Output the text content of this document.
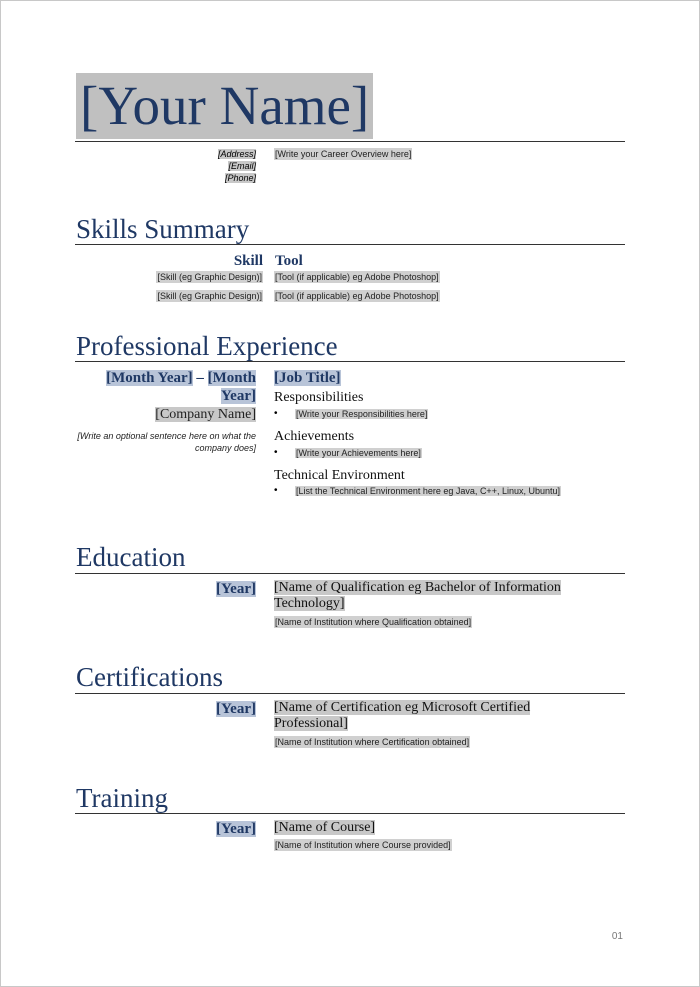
[Your Name]
[Address]
[Email]
[Phone]
[Write your Career Overview here]
Skills Summary
Skill Tool
[Skill (eg Graphic Design)] [Tool (if applicable) eg Adobe Photoshop]
[Skill (eg Graphic Design)] [Tool (if applicable) eg Adobe Photoshop]
Professional Experience
[Month Year] – [Month
Year]
[Company Name]
[Write an optional sentence here on what the company does]
[Job Title]
Responsibilities
• [Write your Responsibilities here]
Achievements
• [Write your Achievements here]
Technical Environment
• [List the Technical Environment here eg Java, C++, Linux, Ubuntu]
Education
[Year] [Name of Qualification eg Bachelor of Information Technology]
[Name of Institution where Qualification obtained]
Certifications
[Year] [Name of Certification eg Microsoft Certified Professional]
[Name of Institution where Certification obtained]
Training
[Year] [Name of Course]
[Name of Institution where Course provided]
01
